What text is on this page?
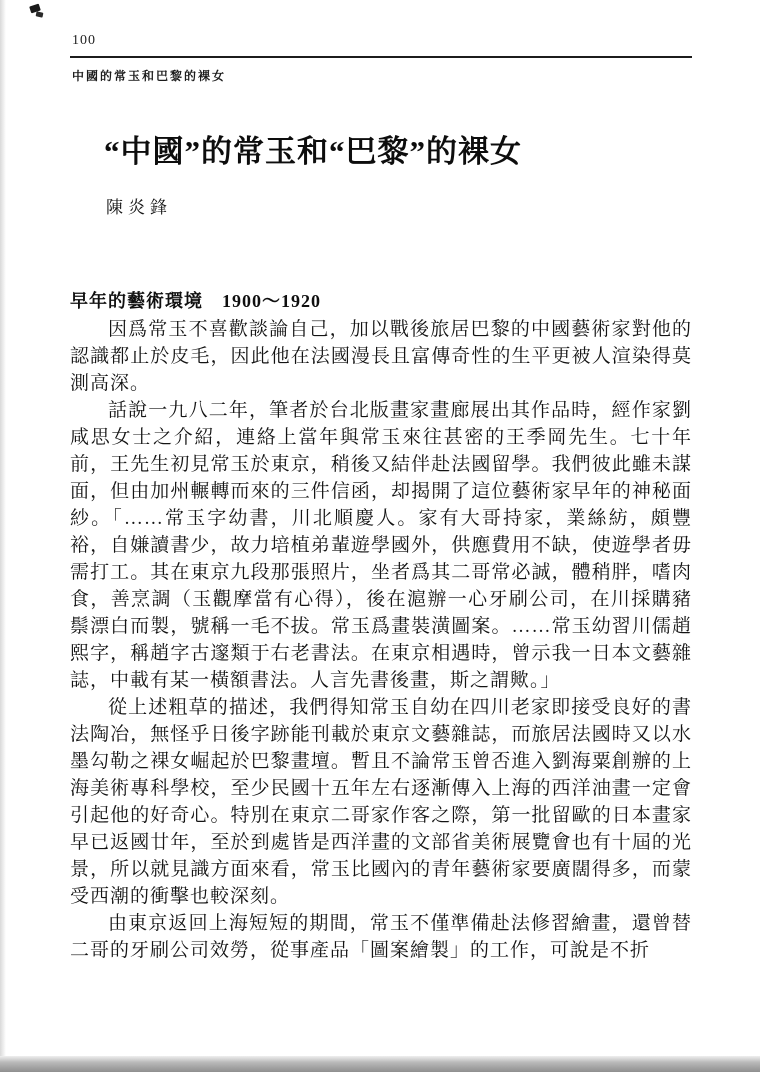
100
中國的常玉和巴黎的裸女
“中國”的常玉和“巴黎”的裸女
陳炎鋒
早年的藝術環境　1900～1920

因爲常玉不喜歡談論自己，加以戰後旅居巴黎的中國藝術家對他的認識都止於皮毛，因此他在法國漫長且富傳奇性的生平更被人渲染得莫測高深。

話說一九八二年，筆者於台北版畫家畫廊展出其作品時，經作家劉咸思女士之介紹，連絡上當年與常玉來往甚密的王季岡先生。七十年前，王先生初見常玉於東京，稍後又結伴赴法國留學。我們彼此雖未謀面，但由加州輾轉而來的三件信函，却揭開了這位藝術家早年的神秘面紗。「……常玉字幼書，川北順慶人。家有大哥持家，業絲紡，頗豐裕，自嫌讀書少，故力培植弟輩遊學國外，供應費用不缺，使遊學者毋需打工。其在東京九段那張照片，坐者爲其二哥常必誠，體稍胖，嗜肉食，善烹調（玉觀摩當有心得），後在滬辦一心牙刷公司，在川採購豬鬃漂白而製，號稱一毛不拔。常玉爲畫裝潢圖案。……常玉幼習川儒趙熙字，稱趙字古邃類于右老書法。在東京相遇時，曾示我一日本文藝雜誌，中載有某一橫額書法。人言先書後畫，斯之謂歟。」

從上述粗草的描述，我們得知常玉自幼在四川老家即接受良好的書法陶冶，無怪乎日後字跡能刊載於東京文藝雜誌，而旅居法國時又以水墨勾勒之裸女崛起於巴黎畫壇。暫且不論常玉曾否進入劉海粟創辦的上海美術專科學校，至少民國十五年左右逐漸傳入上海的西洋油畫一定會引起他的好奇心。特別在東京二哥家作客之際，第一批留歐的日本畫家早已返國廿年，至於到處皆是西洋畫的文部省美術展覽會也有十屆的光景，所以就見識方面來看，常玉比國內的青年藝術家要廣闊得多，而蒙受西潮的衝擊也較深刻。

由東京返回上海短短的期間，常玉不僅準備赴法修習繪畫，還曾替二哥的牙刷公司效勞，從事產品「圖案繪製」的工作，可說是不折
